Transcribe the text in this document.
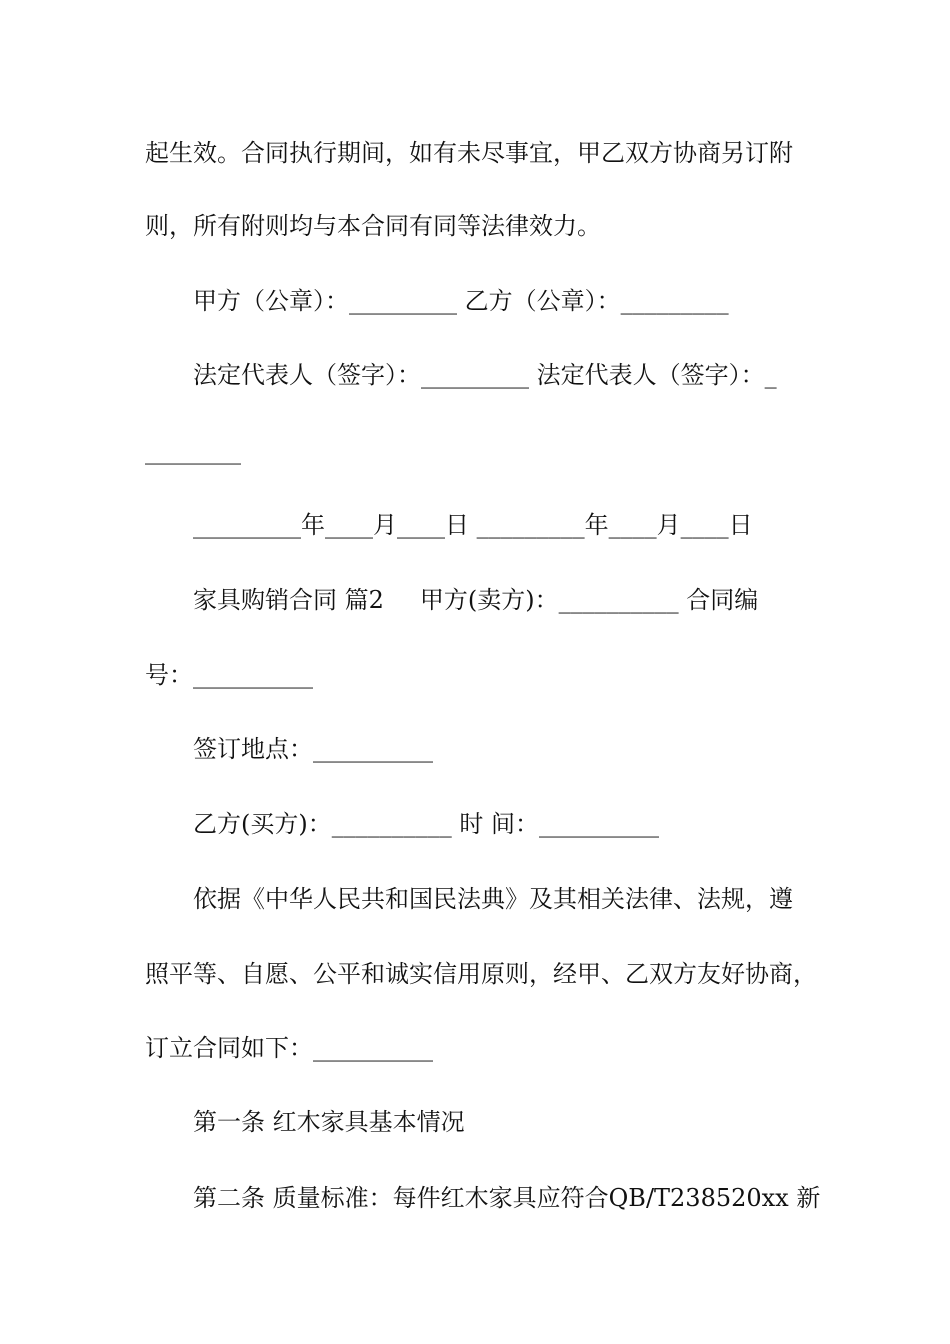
起生效。合同执行期间，如有未尽事宜，甲乙双方协商另订附
则，所有附则均与本合同有同等法律效力。
甲方（公章）：_________ 乙方（公章）：_________
法定代表人（签字）：_________ 法定代表人（签字）：_
________
_________年____月____日 _________年____月____日
家具购销合同 篇2 甲方(卖方)：__________ 合同编
号：__________
签订地点：__________
乙方(买方)：__________ 时 间：__________
依据《中华人民共和国民法典》及其相关法律、法规，遵
照平等、自愿、公平和诚实信用原则，经甲、乙双方友好协商，
订立合同如下：__________
第一条 红木家具基本情况
第二条 质量标准：每件红木家具应符合QB/T238520xx 新
